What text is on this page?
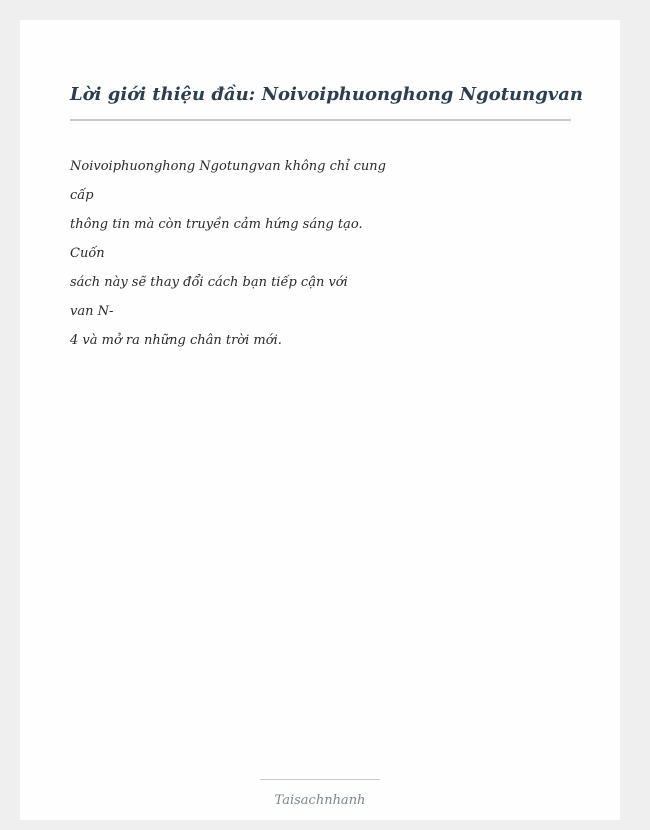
Lời giới thiệu đầu: Noivoiphuonghong Ngotungvan

Noivoiphuonghong Ngotungvan không chỉ cung
cấp
thông tin mà còn truyền cảm hứng sáng tạo.
Cuốn
sách này sẽ thay đổi cách bạn tiếp cận với
van N-
4 và mở ra những chân trời mới.

Taisachnhanh
